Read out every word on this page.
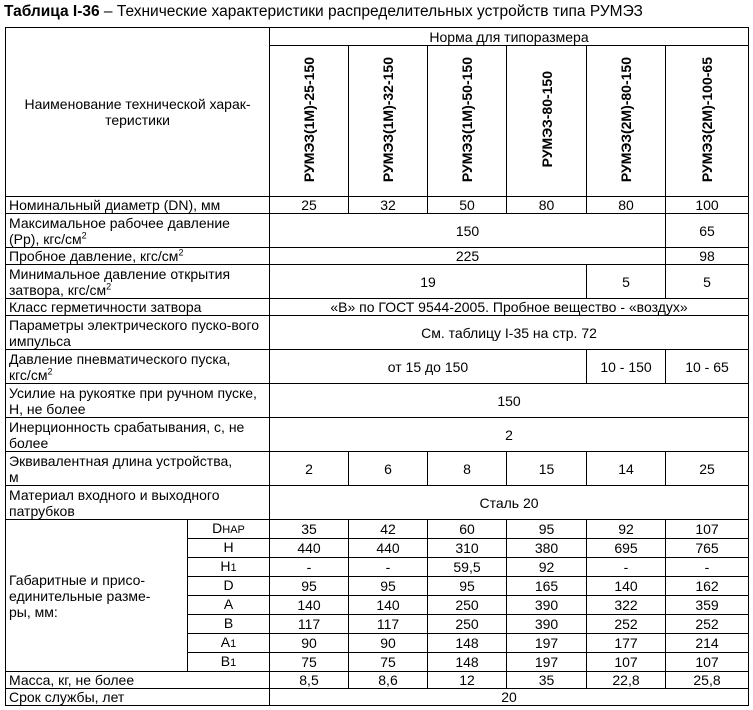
Таблица I-36 – Технические характеристики распределительных устройств типа РУМЭЗ
Наименование технической харак-теристики		Норма для типоразмера					
		РУМЭЗ(1М)-25-150	РУМЭЗ(1М)-32-150	РУМЭЗ(1М)-50-150	РУМЭЗ-80-150	РУМЭЗ(2М)-80-150	РУМЭЗ(2М)-100-65
Номинальный диаметр (DN), мм		25	32	50	80	80	100
Максимальное рабочее давление
(Рр), кгс/$см^2$		150					65
Пробное давление, кгс/$см^2$		225					98
Минимальное давление открытия
затвора, кгс/$см^2$		19				5	5
Класс герметичности затвора		«В» по ГОСТ 9544-2005. Пробное вещество - «воздух»					
Параметры электрического пуско-вого импульса		См. таблицу I-35 на стр. 72					
Давление пневматического пуска,
кгс/$см^2$		от 15 до 150				10 - 150	10 - 65
Усилие на рукоятке при ручном пуске, Н, не более		150					
Инерционность срабатывания, с, не более		2					
Эквивалентная длина устройства,
м		2	6	8	15	14	25
Материал входного и выходного патрубков		Сталь 20					
Габаритные и присо-
единительные разме-
ры, мм:	DНАР	35	42	60	95	92	107
	H	440	440	310	380	695	765
	H1	-	-	59,5	92	-	-
	D	95	95	95	165	140	162
	A	140	140	250	390	322	359
	B	117	117	250	390	252	252
	A1	90	90	148	197	177	214
	B1	75	75	148	197	107	107
Масса, кг, не более		8,5	8,6	12	35	22,8	25,8
Срок службы, лет		20					
